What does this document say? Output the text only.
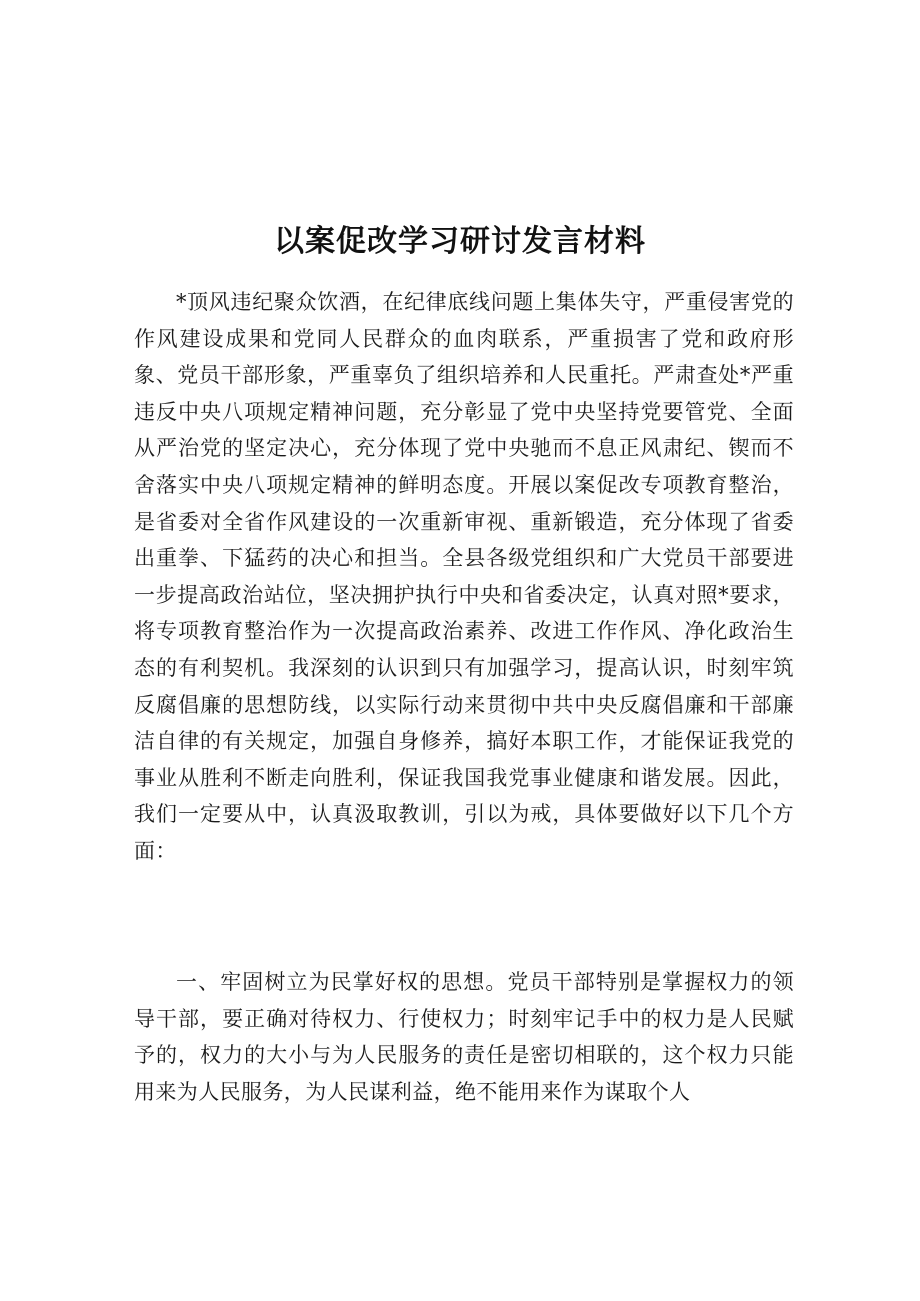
以案促改学习研讨发言材料

*顶风违纪聚众饮酒，在纪律底线问题上集体失守，严重侵害党的作风建设成果和党同人民群众的血肉联系，严重损害了党和政府形象、党员干部形象，严重辜负了组织培养和人民重托。严肃查处*严重违反中央八项规定精神问题，充分彰显了党中央坚持党要管党、全面从严治党的坚定决心，充分体现了党中央驰而不息正风肃纪、锲而不舍落实中央八项规定精神的鲜明态度。开展以案促改专项教育整治，是省委对全省作风建设的一次重新审视、重新锻造，充分体现了省委出重拳、下猛药的决心和担当。全县各级党组织和广大党员干部要进一步提高政治站位，坚决拥护执行中央和省委决定，认真对照*要求，将专项教育整治作为一次提高政治素养、改进工作作风、净化政治生态的有利契机。我深刻的认识到只有加强学习，提高认识，时刻牢筑反腐倡廉的思想防线，以实际行动来贯彻中共中央反腐倡廉和干部廉洁自律的有关规定，加强自身修养，搞好本职工作，才能保证我党的事业从胜利不断走向胜利，保证我国我党事业健康和谐发展。因此，我们一定要从中，认真汲取教训，引以为戒，具体要做好以下几个方面：

一、牢固树立为民掌好权的思想。党员干部特别是掌握权力的领导干部，要正确对待权力、行使权力；时刻牢记手中的权力是人民赋予的，权力的大小与为人民服务的责任是密切相联的，这个权力只能用来为人民服务，为人民谋利益，绝不能用来作为谋取个人
